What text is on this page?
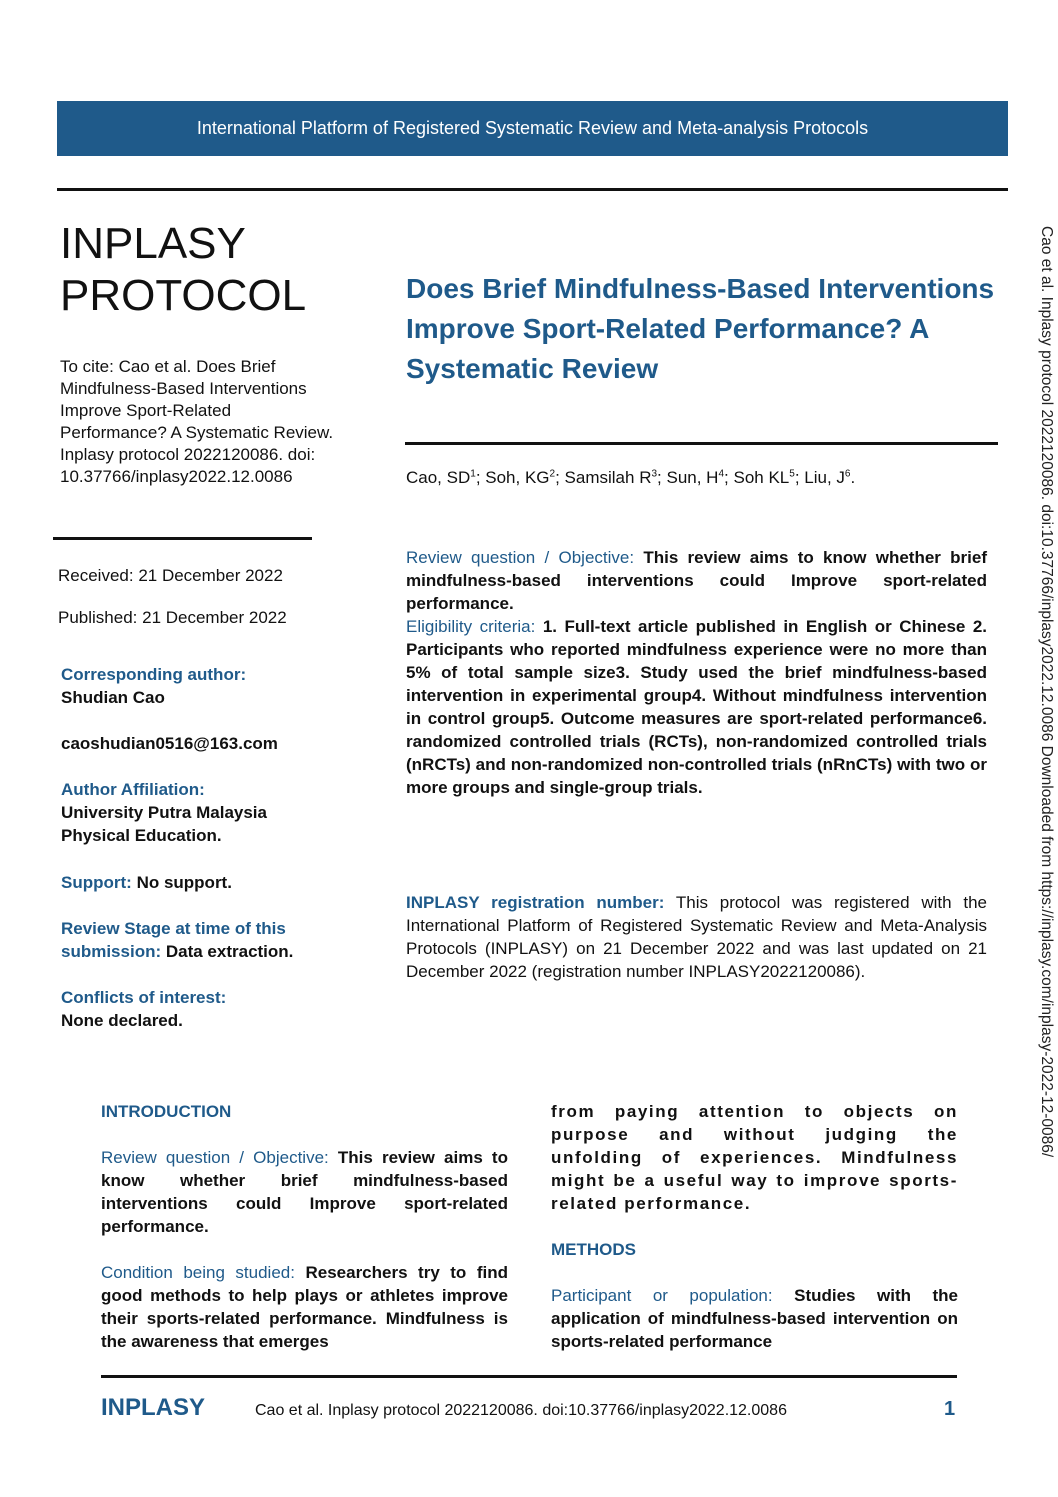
International Platform of Registered Systematic Review and Meta-analysis Protocols
INPLASY PROTOCOL
To cite: Cao et al. Does Brief Mindfulness-Based Interventions Improve Sport-Related Performance? A Systematic Review. Inplasy protocol 2022120086. doi: 10.37766/inplasy2022.12.0086
Received: 21 December 2022
Published: 21 December 2022
Corresponding author:
Shudian Cao
caoshudian0516@163.com
Author Affiliation:
University Putra Malaysia
Physical Education.
Support: No support.
Review Stage at time of this submission: Data extraction.
Conflicts of interest:
None declared.
Does Brief Mindfulness-Based Interventions Improve Sport-Related Performance? A Systematic Review
Cao, $SD^1$; Soh, $KG^2$; Samsilah $R^3$; Sun, $H^4$; Soh $KL^5$; Liu, $J^6$.
Review question / Objective: This review aims to know whether brief mindfulness-based interventions could Improve sport-related performance.
Eligibility criteria: 1. Full-text article published in English or Chinese 2. Participants who reported mindfulness experience were no more than 5% of total sample size3. Study used the brief mindfulness-based intervention in experimental group4. Without mindfulness intervention in control group5. Outcome measures are sport-related performance6. randomized controlled trials (RCTs), non-randomized controlled trials (nRCTs) and non-randomized non-controlled trials (nRnCTs) with two or more groups and single-group trials.
INPLASY registration number: This protocol was registered with the International Platform of Registered Systematic Review and Meta-Analysis Protocols (INPLASY) on 21 December 2022 and was last updated on 21 December 2022 (registration number INPLASY2022120086).

INTRODUCTION

Review question / Objective: This review aims to know whether brief mindfulness-based interventions could Improve sport-related performance.

Condition being studied: Researchers try to find good methods to help plays or athletes improve their sports-related performance. Mindfulness is the awareness that emerges

from paying attention to objects on purpose and without judging the unfolding of experiences. Mindfulness might be a useful way to improve sports-related performance.

METHODS

Participant or population: Studies with the application of mindfulness-based intervention on sports-related performance

INPLASY	Cao et al. Inplasy protocol 2022120086. doi:10.37766/inplasy2022.12.0086	1
Cao et al. Inplasy protocol 2022120086. doi:10.37766/inplasy2022.12.0086 Downloaded from https://inplasy.com/inplasy-2022-12-0086/
